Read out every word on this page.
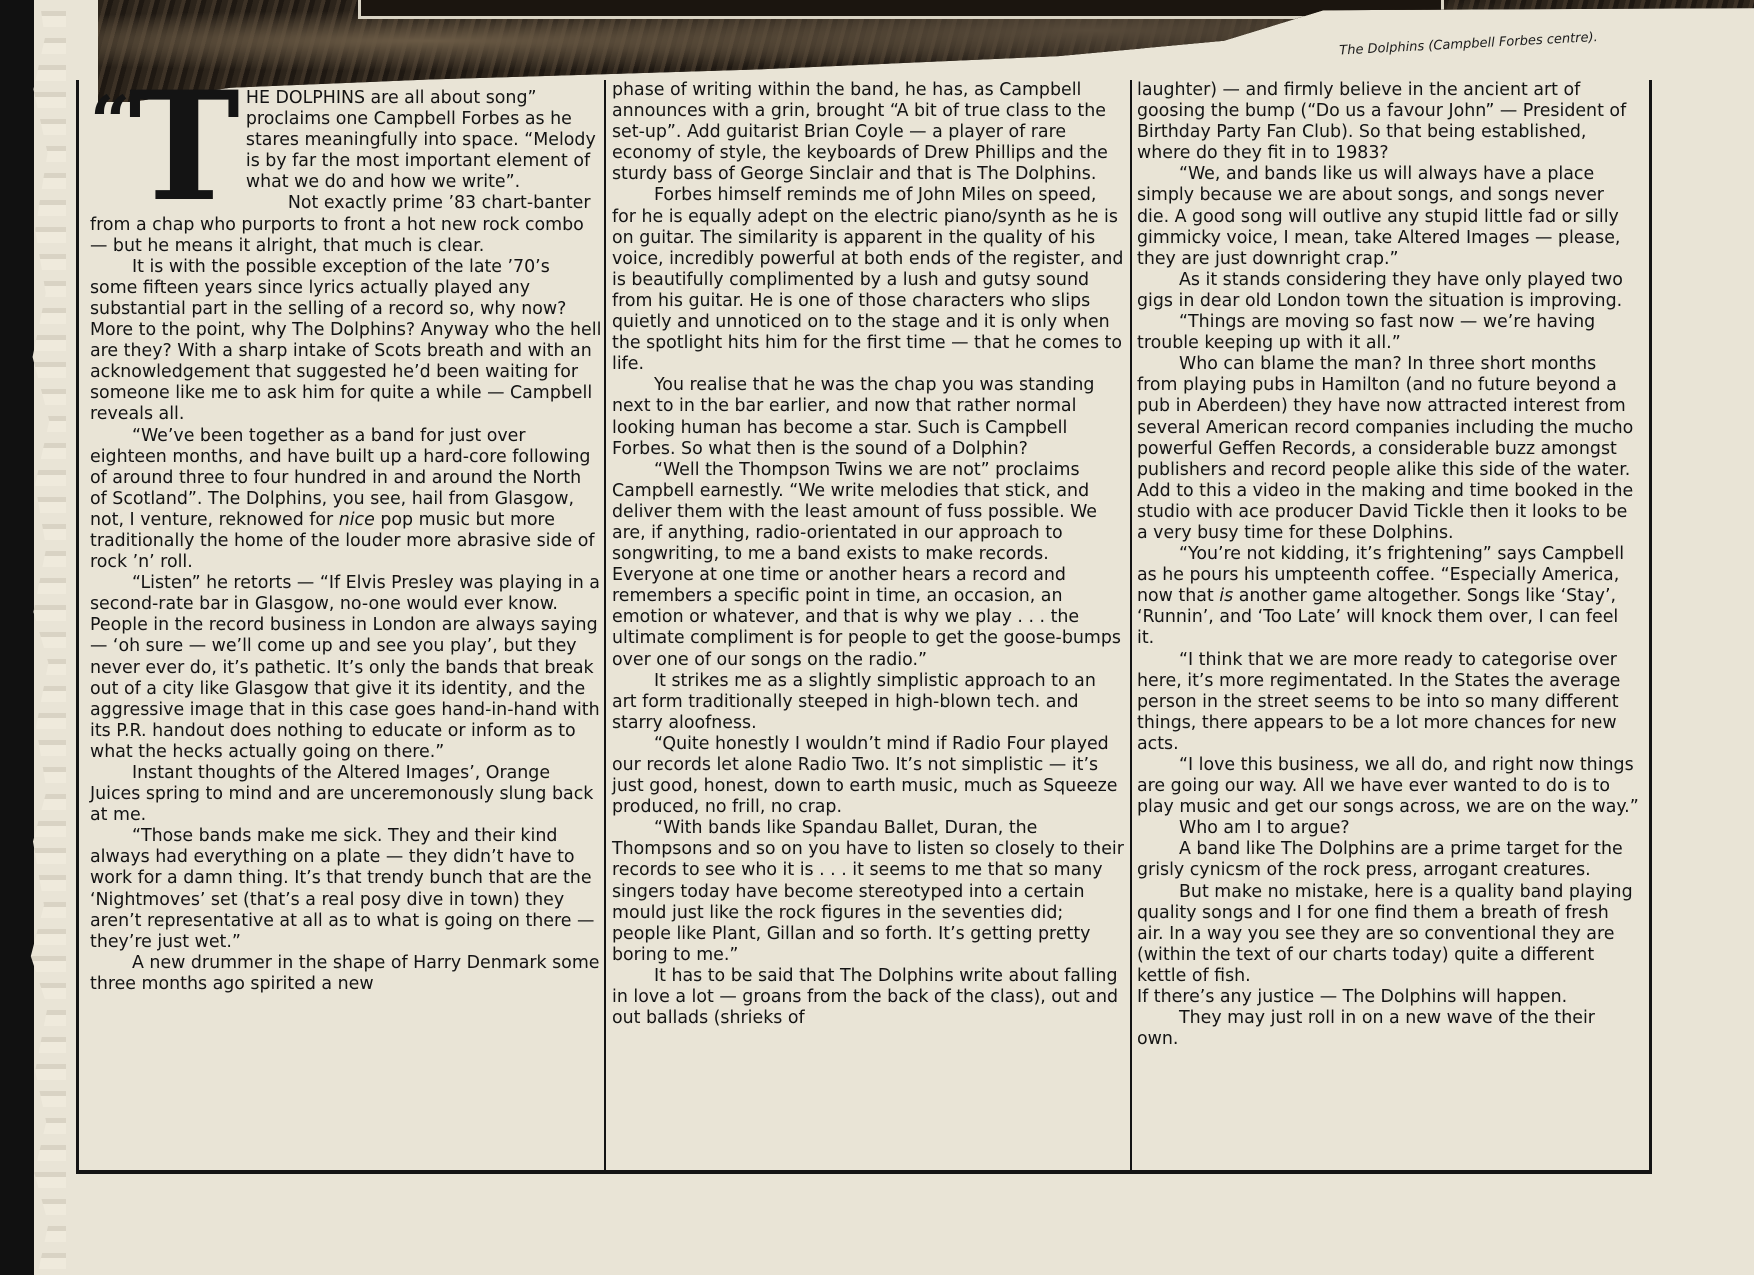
The Dolphins (Campbell Forbes centre).
“ T HE DOLPHINS are all about song” proclaims one Campbell Forbes as he stares meaningfully into space. “Melody is by far the most important element of what we do and how we write”.

Not exactly prime ’83 chart-banter from a chap who purports to front a hot new rock combo — but he means it alright, that much is clear.

It is with the possible exception of the late ’70’s some fifteen years since lyrics actually played any substantial part in the selling of a record so, why now? More to the point, why The Dolphins? Anyway who the hell are they? With a sharp intake of Scots breath and with an acknowledgement that suggested he’d been waiting for someone like me to ask him for quite a while — Campbell reveals all.

“We’ve been together as a band for just over eighteen months, and have built up a hard-core following of around three to four hundred in and around the North of Scotland”. The Dolphins, you see, hail from Glasgow, not, I venture, reknowed for nice pop music but more traditionally the home of the louder more abrasive side of rock ’n’ roll.

“Listen” he retorts — “If Elvis Presley was playing in a second-rate bar in Glasgow, no-one would ever know. People in the record business in London are always saying — ‘oh sure — we’ll come up and see you play’, but they never ever do, it’s pathetic. It’s only the bands that break out of a city like Glasgow that give it its identity, and the aggressive image that in this case goes hand-in-hand with its P.R. handout does nothing to educate or inform as to what the hecks actually going on there.”

Instant thoughts of the Altered Images’, Orange Juices spring to mind and are unceremonously slung back at me.

“Those bands make me sick. They and their kind always had everything on a plate — they didn’t have to work for a damn thing. It’s that trendy bunch that are the ‘Nightmoves’ set (that’s a real posy dive in town) they aren’t representative at all as to what is going on there — they’re just wet.”

A new drummer in the shape of Harry Denmark some three months ago spirited a new

phase of writing within the band, he has, as Campbell announces with a grin, brought “A bit of true class to the set-up”. Add guitarist Brian Coyle — a player of rare economy of style, the keyboards of Drew Phillips and the sturdy bass of George Sinclair and that is The Dolphins.

Forbes himself reminds me of John Miles on speed, for he is equally adept on the electric piano/synth as he is on guitar. The similarity is apparent in the quality of his voice, incredibly powerful at both ends of the register, and is beautifully complimented by a lush and gutsy sound from his guitar. He is one of those characters who slips quietly and unnoticed on to the stage and it is only when the spotlight hits him for the first time — that he comes to life.

You realise that he was the chap you was standing next to in the bar earlier, and now that rather normal looking human has become a star. Such is Campbell Forbes. So what then is the sound of a Dolphin?

“Well the Thompson Twins we are not” proclaims Campbell earnestly. “We write melodies that stick, and deliver them with the least amount of fuss possible. We are, if anything, radio-orientated in our approach to songwriting, to me a band exists to make records. Everyone at one time or another hears a record and remembers a specific point in time, an occasion, an emotion or whatever, and that is why we play . . . the ultimate compliment is for people to get the goose-bumps over one of our songs on the radio.”

It strikes me as a slightly simplistic approach to an art form traditionally steeped in high-blown tech. and starry aloofness.

“Quite honestly I wouldn’t mind if Radio Four played our records let alone Radio Two. It’s not simplistic — it’s just good, honest, down to earth music, much as Squeeze produced, no frill, no crap.

“With bands like Spandau Ballet, Duran, the Thompsons and so on you have to listen so closely to their records to see who it is . . . it seems to me that so many singers today have become stereotyped into a certain mould just like the rock figures in the seventies did; people like Plant, Gillan and so forth. It’s getting pretty boring to me.”

It has to be said that The Dolphins write about falling in love a lot — groans from the back of the class), out and out ballads (shrieks of

laughter) — and firmly believe in the ancient art of goosing the bump (“Do us a favour John” — President of Birthday Party Fan Club). So that being established, where do they fit in to 1983?

“We, and bands like us will always have a place simply because we are about songs, and songs never die. A good song will outlive any stupid little fad or silly gimmicky voice, I mean, take Altered Images — please, they are just downright crap.”

As it stands considering they have only played two gigs in dear old London town the situation is improving.

“Things are moving so fast now — we’re having trouble keeping up with it all.”

Who can blame the man? In three short months from playing pubs in Hamilton (and no future beyond a pub in Aberdeen) they have now attracted interest from several American record companies including the mucho powerful Geffen Records, a considerable buzz amongst publishers and record people alike this side of the water. Add to this a video in the making and time booked in the studio with ace producer David Tickle then it looks to be a very busy time for these Dolphins.

“You’re not kidding, it’s frightening” says Campbell as he pours his umpteenth coffee. “Especially America, now that is another game altogether. Songs like ‘Stay’, ‘Runnin’, and ‘Too Late’ will knock them over, I can feel it.

“I think that we are more ready to categorise over here, it’s more regimentated. In the States the average person in the street seems to be into so many different things, there appears to be a lot more chances for new acts.

“I love this business, we all do, and right now things are going our way. All we have ever wanted to do is to play music and get our songs across, we are on the way.”

Who am I to argue?

A band like The Dolphins are a prime target for the grisly cynicsm of the rock press, arrogant creatures.

But make no mistake, here is a quality band playing quality songs and I for one find them a breath of fresh air. In a way you see they are so conventional they are (within the text of our charts today) quite a different kettle of fish.

If there’s any justice — The Dolphins will happen.

They may just roll in on a new wave of the their own.
